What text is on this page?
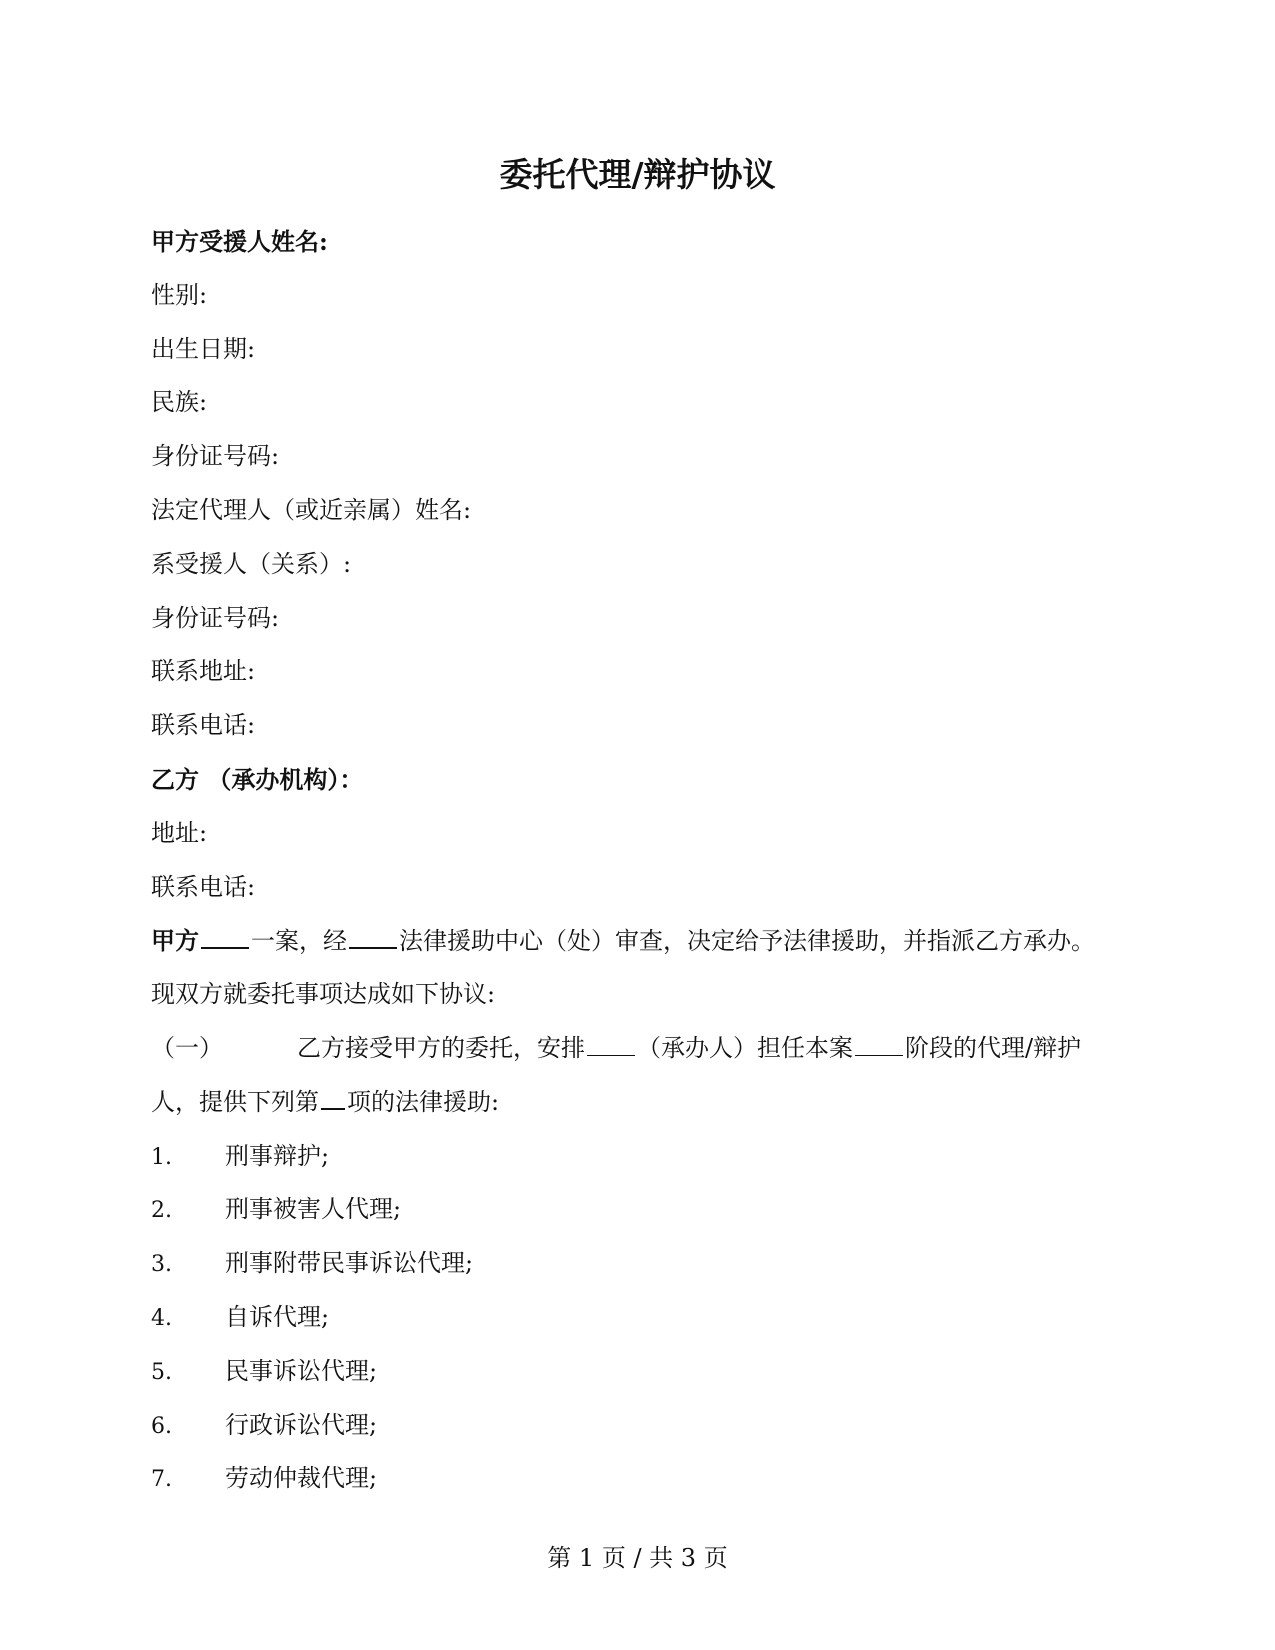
委托代理/辩护协议
甲方受援人姓名:
性别:
出生日期:
民族:
身份证号码:
法定代理人（或近亲属）姓名:
系受援人（关系）:
身份证号码:
联系地址:
联系电话:
乙方 （承办机构）：
地址:
联系电话:
甲方 一案，经 法律援助中心（处）审查，决定给予法律援助，并指派乙方承办。
现双方就委托事项达成如下协议:
（一）	乙方接受甲方的委托，安排 （承办人）担任本案 阶段的代理/辩护
人，提供下列第 项的法律援助:
1. 刑事辩护;
2. 刑事被害人代理;
3. 刑事附带民事诉讼代理;
4. 自诉代理;
5. 民事诉讼代理;
6. 行政诉讼代理;
7. 劳动仲裁代理;
第 1 页 / 共 3 页
